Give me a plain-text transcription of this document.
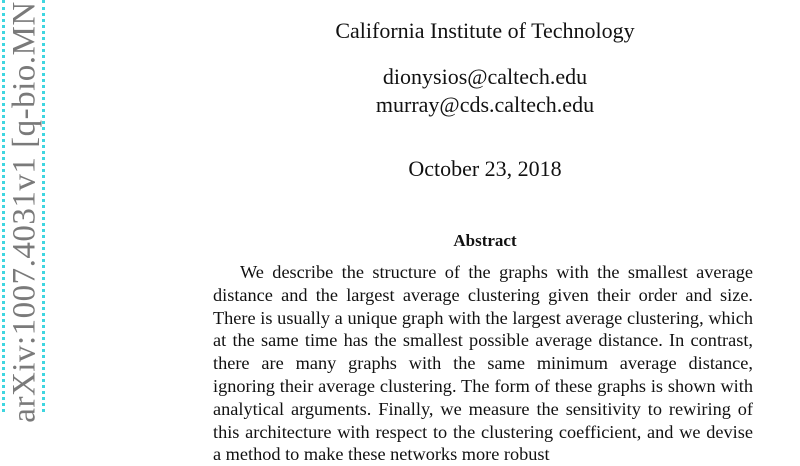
arXiv:1007.4031v1 [q-bio.MN	California Institute of Technology
dionysios@caltech.edu
murray@cds.caltech.edu
October 23, 2018
Abstract
We describe the structure of the graphs with the smallest average distance and the largest average clustering given their order and size. There is usually a unique graph with the largest average clustering, which at the same time has the smallest possible average distance. In contrast, there are many graphs with the same minimum average distance, ignoring their average clustering. The form of these graphs is shown with analytical arguments. Finally, we measure the sensitivity to rewiring of this architecture with respect to the clustering coefficient, and we devise a method to make these networks more robust
